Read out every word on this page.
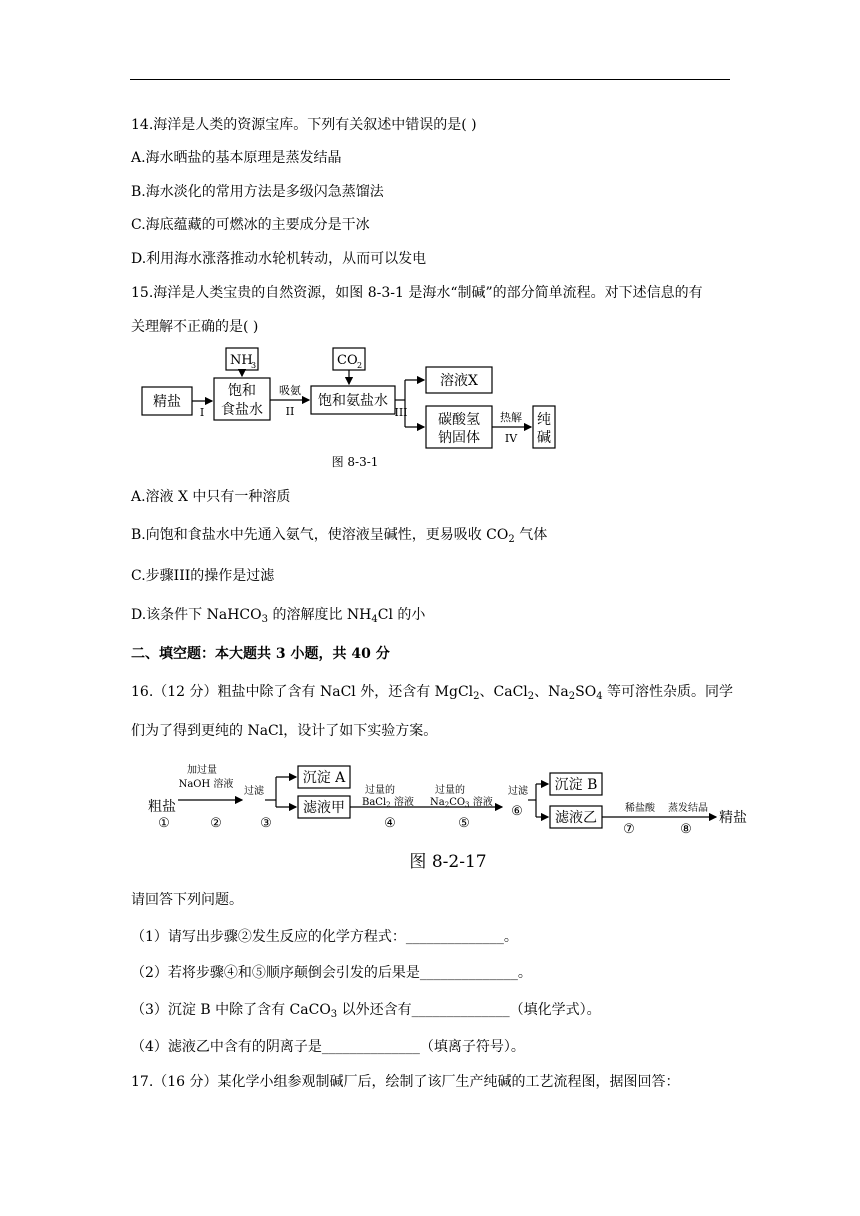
14.海洋是人类的资源宝库。下列有关叙述中错误的是( )
A.海水晒盐的基本原理是蒸发结晶
B.海水淡化的常用方法是多级闪急蒸馏法
C.海底蕴藏的可燃冰的主要成分是干冰
D.利用海水涨落推动水轮机转动，从而可以发电
15.海洋是人类宝贵的自然资源，如图 8-3-1 是海水“制碱”的部分简单流程。对下述信息的有
关理解不正确的是( )
精盐
饱和
食盐水
饱和氨盐水
溶液X
碳酸氢
钠固体
纯
碱
NH
3	CO 2
吸氨
II
I	III	热解
IV
图 8-3-1
A.溶液 X 中只有一种溶质
B.向饱和食盐水中先通入氨气，使溶液呈碱性，更易吸收 $CO_2$ 气体
C.步骤III的操作是过滤
D.该条件下 NaHCO$_3$ 的溶解度比 $NH_4Cl$ 的小
二、填空题：本大题共 3 小题，共 40 分
16.（12 分）粗盐中除了含有 NaCl 外，还含有 MgCl$_2$、CaCl$_2$、$Na_2SO_4$ 等可溶性杂质。同学
们为了得到更纯的 NaCl，设计了如下实验方案。
粗盐
沉淀 A
滤液甲
沉淀 B
滤液乙	精盐
加过量
NaOH 溶液
过滤	过量的	过量的	过滤
稀盐酸 蒸发结晶
BaCl$_2$ 溶液 $Na_2CO_3$ 溶液
①	②	③	④	⑤
⑥
⑦	⑧
图 8-2-17
请回答下列问题。
（1）请写出步骤②发生反应的化学方程式：______________。
（2）若将步骤④和⑤顺序颠倒会引发的后果是______________。
（3）沉淀 B 中除了含有 CaCO$_3$ 以外还含有______________（填化学式）。
（4）滤液乙中含有的阴离子是______________（填离子符号）。
17.（16 分）某化学小组参观制碱厂后，绘制了该厂生产纯碱的工艺流程图，据图回答：
